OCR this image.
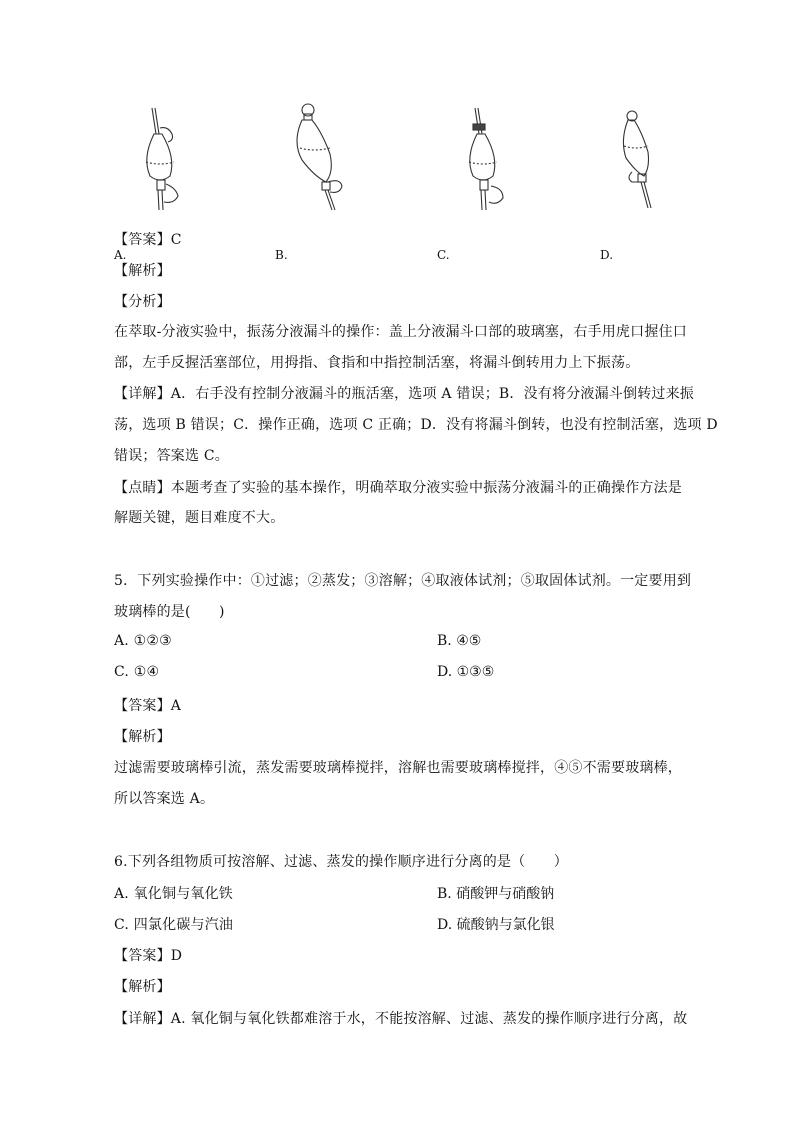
A.	B.	C.	D.
【答案】C
【解析】
【分析】
在萃取-分液实验中，振荡分液漏斗的操作：盖上分液漏斗口部的玻璃塞，右手用虎口握住口
部，左手反握活塞部位，用拇指、食指和中指控制活塞，将漏斗倒转用力上下振荡。
【详解】A．右手没有控制分液漏斗的瓶活塞，选项 A 错误；B．没有将分液漏斗倒转过来振
荡，选项 B 错误；C．操作正确，选项 C 正确；D．没有将漏斗倒转，也没有控制活塞，选项 D
错误；答案选 C。
【点睛】本题考查了实验的基本操作，明确萃取分液实验中振荡分液漏斗的正确操作方法是
解题关键，题目难度不大。
5．下列实验操作中：①过滤；②蒸发；③溶解；④取液体试剂；⑤取固体试剂。一定要用到
玻璃棒的是(　　)
A. ①②③	B. ④⑤
C. ①④	D. ①③⑤
【答案】A
【解析】
过滤需要玻璃棒引流，蒸发需要玻璃棒搅拌，溶解也需要玻璃棒搅拌，④⑤不需要玻璃棒，
所以答案选 A。
6.下列各组物质可按溶解、过滤、蒸发的操作顺序进行分离的是（　　）
A. 氧化铜与氧化铁	B. 硝酸钾与硝酸钠
C. 四氯化碳与汽油	D. 硫酸钠与氯化银
【答案】D
【解析】
【详解】A. 氧化铜与氧化铁都难溶于水，不能按溶解、过滤、蒸发的操作顺序进行分离，故
